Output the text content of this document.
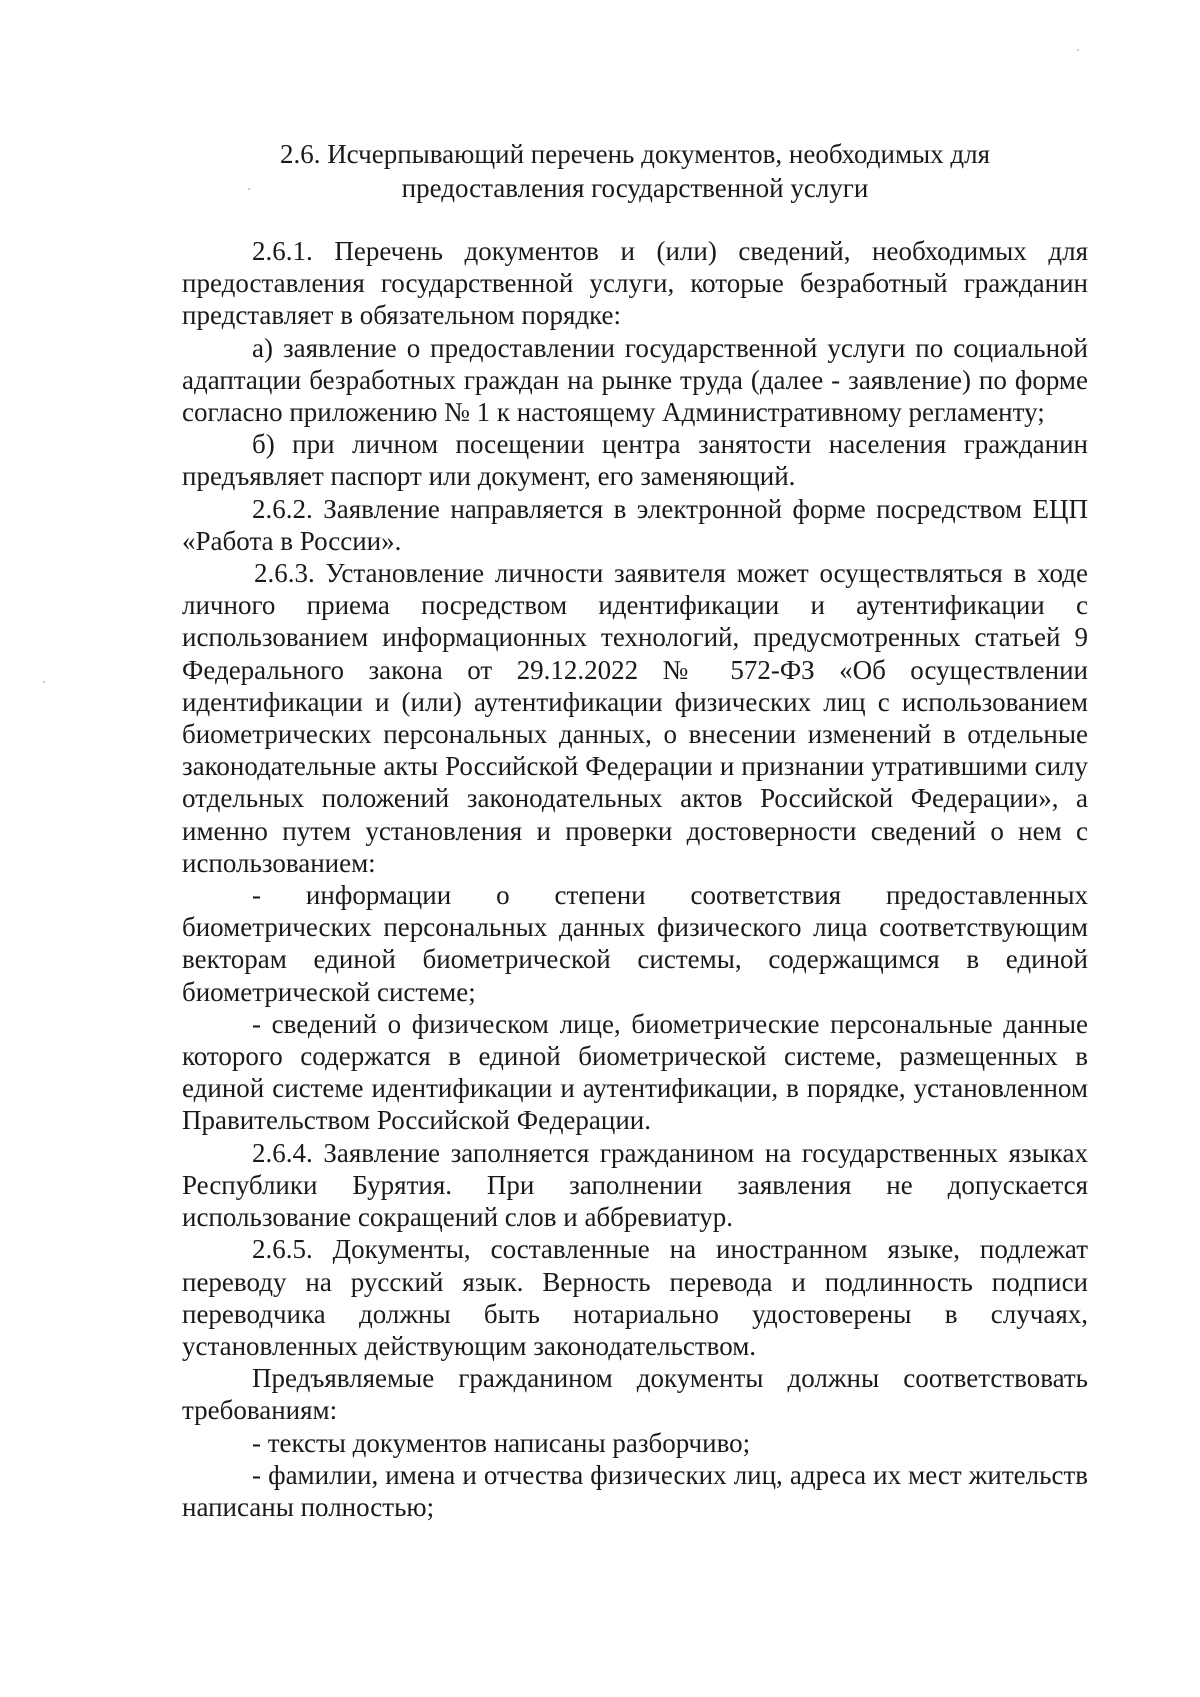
2.6. Исчерпывающий перечень документов, необходимых для
предоставления государственной услуги

2.6.1. Перечень документов и (или) сведений, необходимых для предоставления государственной услуги, которые безработный гражданин представляет в обязательном порядке:

а) заявление о предоставлении государственной услуги по социальной адаптации безработных граждан на рынке труда (далее - заявление) по форме согласно приложению № 1 к настоящему Административному регламенту;

б) при личном посещении центра занятости населения гражданин предъявляет паспорт или документ, его заменяющий.

2.6.2. Заявление направляется в электронной форме посредством ЕЦП «Работа в России».

2.6.3. Установление личности заявителя может осуществляться в ходе личного приема посредством идентификации и аутентификации с использованием информационных технологий, предусмотренных статьей 9 Федерального закона от 29.12.2022 № 572-ФЗ «Об осуществлении идентификации и (или) аутентификации физических лиц с использованием биометрических персональных данных, о внесении изменений в отдельные законодательные акты Российской Федерации и признании утратившими силу отдельных положений законодательных актов Российской Федерации», а именно путем установления и проверки достоверности сведений о нем с использованием:

- информации о степени соответствия предоставленных биометрических персональных данных физического лица соответствующим векторам единой биометрической системы, содержащимся в единой биометрической системе;

- сведений о физическом лице, биометрические персональные данные которого содержатся в единой биометрической системе, размещенных в единой системе идентификации и аутентификации, в порядке, установленном Правительством Российской Федерации.

2.6.4. Заявление заполняется гражданином на государственных языках Республики Бурятия. При заполнении заявления не допускается использование сокращений слов и аббревиатур.

2.6.5. Документы, составленные на иностранном языке, подлежат переводу на русский язык. Верность перевода и подлинность подписи переводчика должны быть нотариально удостоверены в случаях, установленных действующим законодательством.

Предъявляемые гражданином документы должны соответствовать требованиям:

- тексты документов написаны разборчиво;

- фамилии, имена и отчества физических лиц, адреса их мест жительств написаны полностью;
